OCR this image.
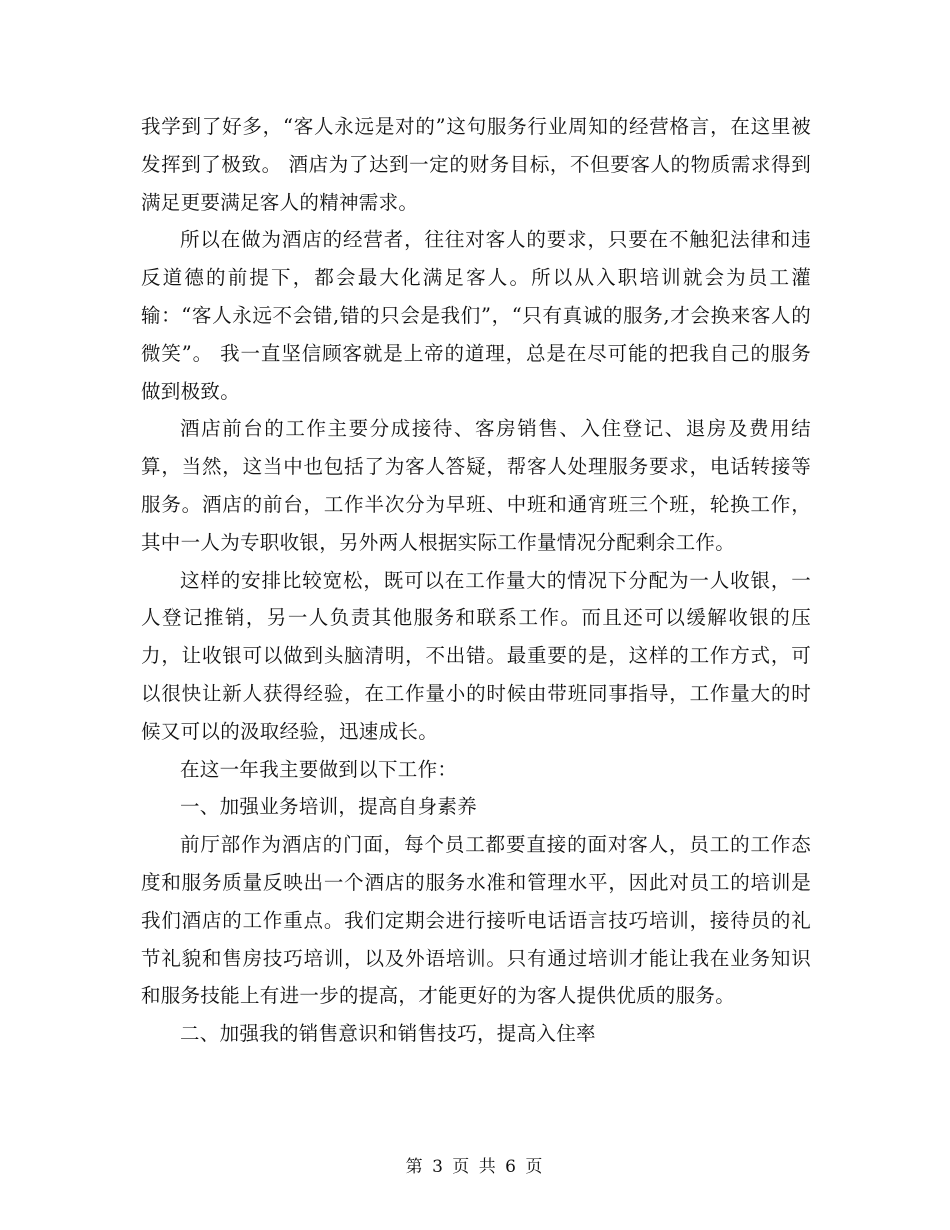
我学到了好多，“客人永远是对的”这句服务行业周知的经营格言，在这里被发挥到了极致。 酒店为了达到一定的财务目标，不但要客人的物质需求得到满足更要满足客人的精神需求。

所以在做为酒店的经营者，往往对客人的要求，只要在不触犯法律和违反道德的前提下，都会最大化满足客人。所以从入职培训就会为员工灌输：“客人永远不会错,错的只会是我们”，“只有真诚的服务,才会换来客人的微笑”。 我一直坚信顾客就是上帝的道理，总是在尽可能的把我自己的服务做到极致。

酒店前台的工作主要分成接待、客房销售、入住登记、退房及费用结算，当然，这当中也包括了为客人答疑，帮客人处理服务要求，电话转接等服务。酒店的前台，工作半次分为早班、中班和通宵班三个班，轮换工作，其中一人为专职收银，另外两人根据实际工作量情况分配剩余工作。

这样的安排比较宽松，既可以在工作量大的情况下分配为一人收银，一人登记推销，另一人负责其他服务和联系工作。而且还可以缓解收银的压力，让收银可以做到头脑清明，不出错。最重要的是，这样的工作方式，可以很快让新人获得经验，在工作量小的时候由带班同事指导，工作量大的时候又可以的汲取经验，迅速成长。

在这一年我主要做到以下工作：

一、加强业务培训，提高自身素养

前厅部作为酒店的门面，每个员工都要直接的面对客人，员工的工作态度和服务质量反映出一个酒店的服务水准和管理水平，因此对员工的培训是我们酒店的工作重点。我们定期会进行接听电话语言技巧培训，接待员的礼节礼貌和售房技巧培训，以及外语培训。只有通过培训才能让我在业务知识和服务技能上有进一步的提高，才能更好的为客人提供优质的服务。

二、加强我的销售意识和销售技巧，提高入住率

第 3 页 共 6 页
